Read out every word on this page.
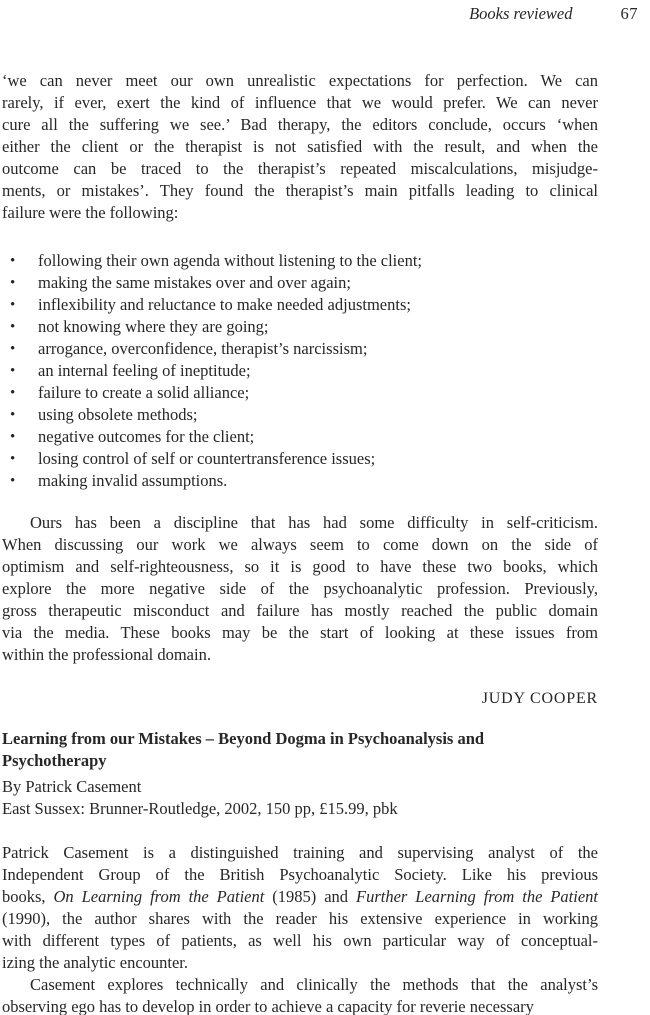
Books reviewed	67
‘we can never meet our own unrealistic expectations for perfection. We can
rarely, if ever, exert the kind of influence that we would prefer. We can never
cure all the suffering we see.’ Bad therapy, the editors conclude, occurs ‘when
either the client or the therapist is not satisfied with the result, and when the
outcome can be traced to the therapist’s repeated miscalculations, misjudge-
ments, or mistakes’. They found the therapist’s main pitfalls leading to clinical
failure were the following:
•	following their own agenda without listening to the client;
•	making the same mistakes over and over again;
•	inflexibility and reluctance to make needed adjustments;
•	not knowing where they are going;
•	arrogance, overconfidence, therapist’s narcissism;
•	an internal feeling of ineptitude;
•	failure to create a solid alliance;
•	using obsolete methods;
•	negative outcomes for the client;
•	losing control of self or countertransference issues;
•	making invalid assumptions.
Ours has been a discipline that has had some difficulty in self-criticism.
When discussing our work we always seem to come down on the side of
optimism and self-righteousness, so it is good to have these two books, which
explore the more negative side of the psychoanalytic profession. Previously,
gross therapeutic misconduct and failure has mostly reached the public domain
via the media. These books may be the start of looking at these issues from
within the professional domain.
JUDY COOPER
Learning from our Mistakes – Beyond Dogma in Psychoanalysis and
Psychotherapy
By Patrick Casement
East Sussex: Brunner-Routledge, 2002, 150 pp, £15.99, pbk
Patrick Casement is a distinguished training and supervising analyst of the
Independent Group of the British Psychoanalytic Society. Like his previous
books, On Learning from the Patient (1985) and Further Learning from the Patient
(1990), the author shares with the reader his extensive experience in working
with different types of patients, as well his own particular way of conceptual-
izing the analytic encounter.
Casement explores technically and clinically the methods that the analyst’s
observing ego has to develop in order to achieve a capacity for reverie necessary
